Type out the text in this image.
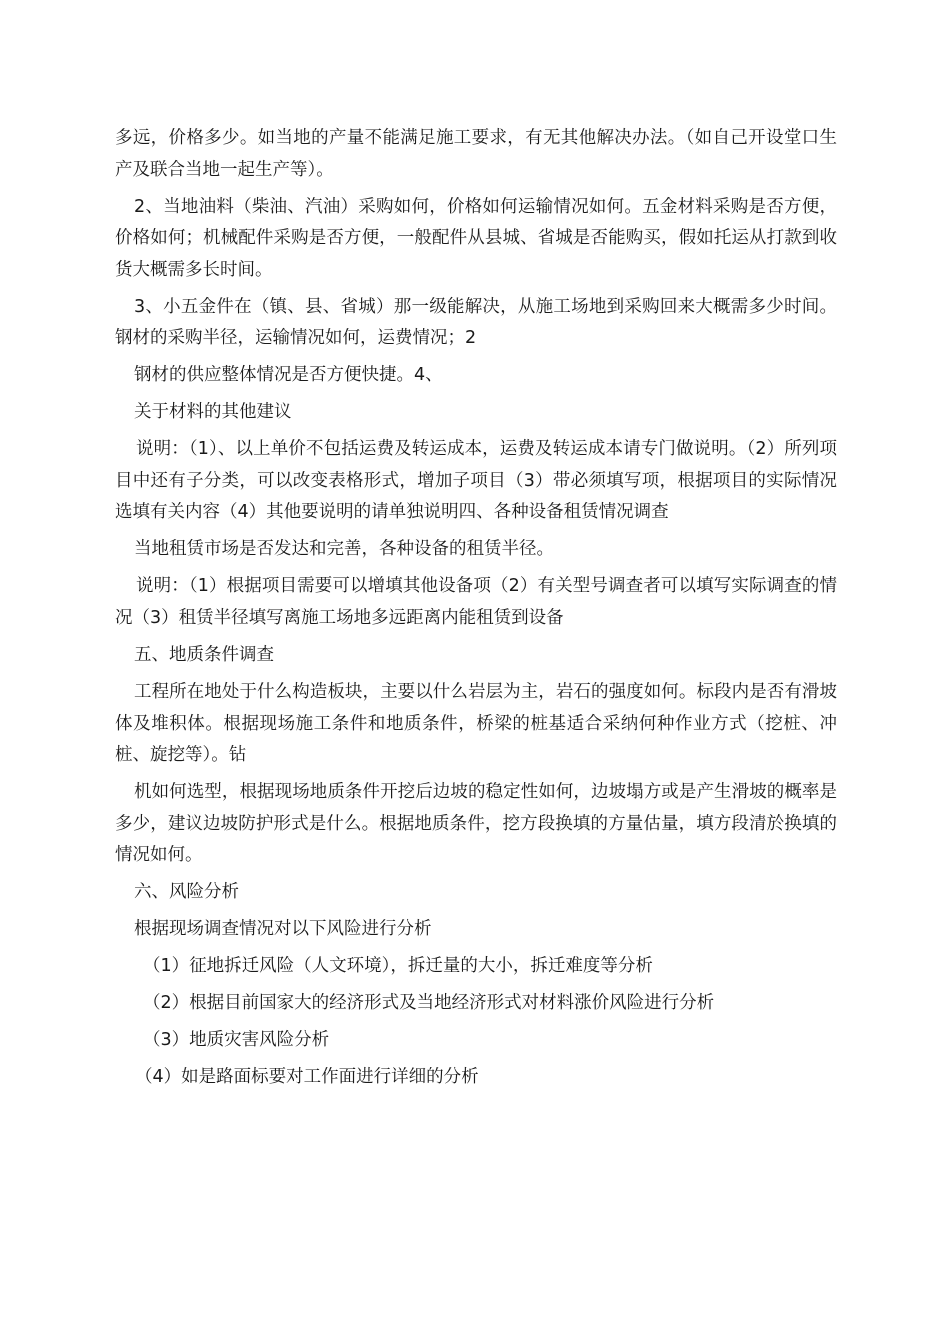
多远，价格多少。如当地的产量不能满足施工要求，有无其他解决办法。（如自己开设堂口生产及联合当地一起生产等）。

2、当地油料（柴油、汽油）采购如何，价格如何运输情况如何。五金材料采购是否方便，价格如何；机械配件采购是否方便，一般配件从县城、省城是否能购买，假如托运从打款到收货大概需多长时间。

3、小五金件在（镇、县、省城）那一级能解决，从施工场地到采购回来大概需多少时间。钢材的采购半径，运输情况如何，运费情况；2

钢材的供应整体情况是否方便快捷。4、

关于材料的其他建议

说明：（1）、以上单价不包括运费及转运成本，运费及转运成本请专门做说明。（2）所列项目中还有子分类，可以改变表格形式，增加子项目（3）带必须填写项，根据项目的实际情况选填有关内容（4）其他要说明的请单独说明四、各种设备租赁情况调查

当地租赁市场是否发达和完善，各种设备的租赁半径。

说明：（1）根据项目需要可以增填其他设备项（2）有关型号调查者可以填写实际调查的情况（3）租赁半径填写离施工场地多远距离内能租赁到设备

五、地质条件调查

工程所在地处于什么构造板块，主要以什么岩层为主，岩石的强度如何。标段内是否有滑坡体及堆积体。根据现场施工条件和地质条件，桥梁的桩基适合采纳何种作业方式（挖桩、冲桩、旋挖等）。钻

机如何选型，根据现场地质条件开挖后边坡的稳定性如何，边坡塌方或是产生滑坡的概率是多少，建议边坡防护形式是什么。根据地质条件，挖方段换填的方量估量，填方段清於换填的情况如何。

六、风险分析

根据现场调查情况对以下风险进行分析

（1）征地拆迁风险（人文环境），拆迁量的大小，拆迁难度等分析

（2）根据目前国家大的经济形式及当地经济形式对材料涨价风险进行分析

（3）地质灾害风险分析

（4）如是路面标要对工作面进行详细的分析
